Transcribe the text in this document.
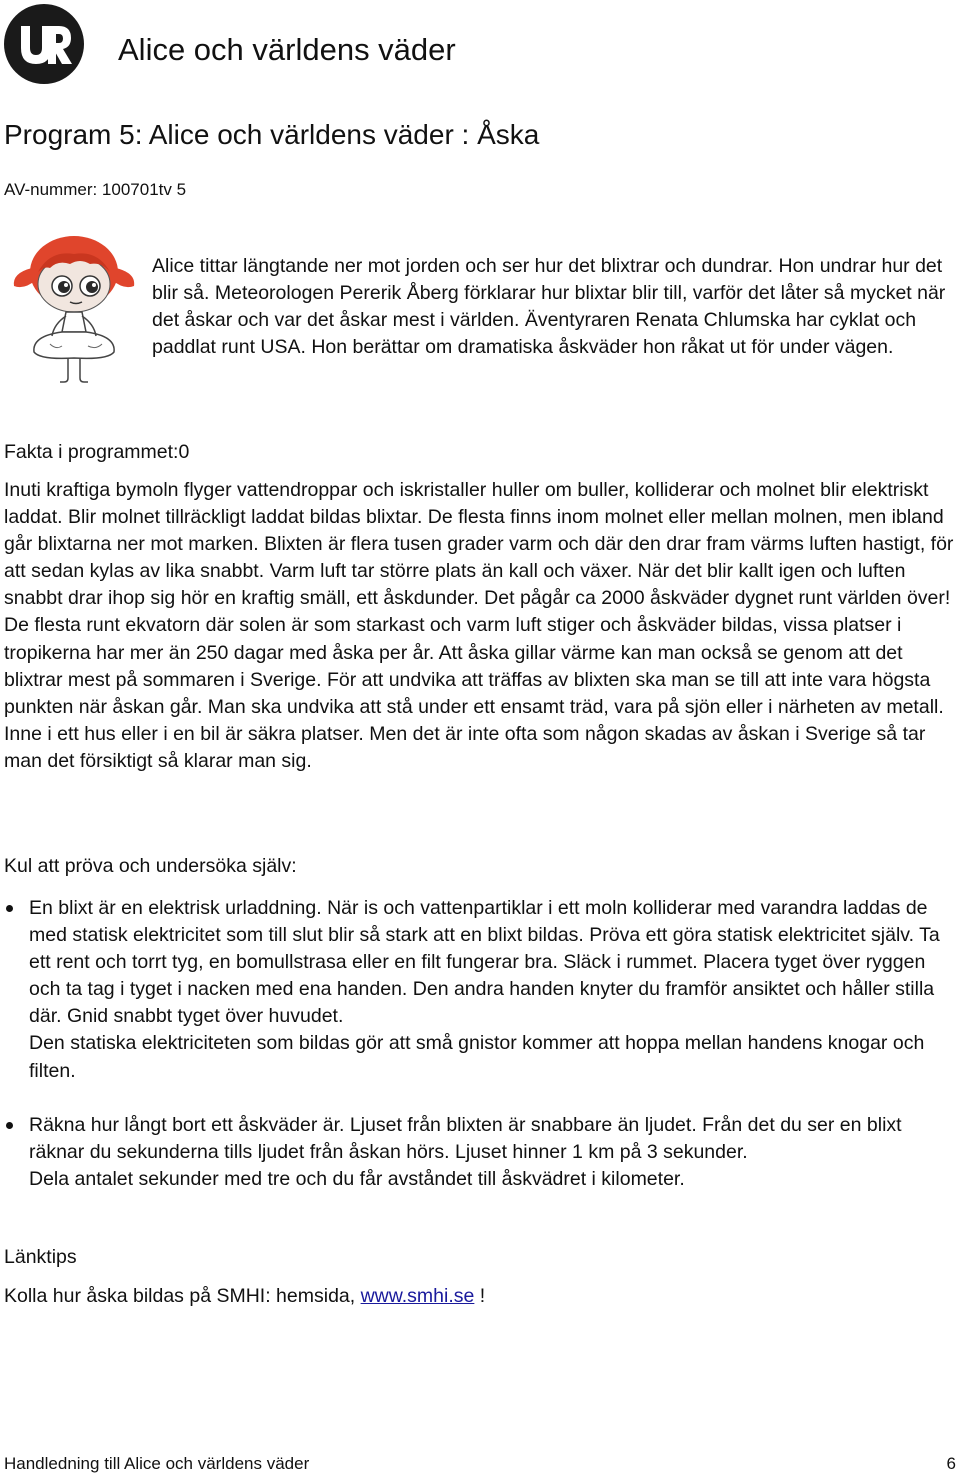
Alice och världens väder
Program 5: Alice och världens väder : Åska
AV-nummer: 100701tv 5

Alice tittar längtande ner mot jorden och ser hur det blixtrar och dundrar. Hon undrar hur det blir så. Meteorologen Pererik Åberg förklarar hur blixtar blir till, varför det låter så mycket när det åskar och var det åskar mest i världen. Äventyraren Renata Chlumska har cyklat och paddlat runt USA. Hon berättar om dramatiska åskväder hon råkat ut för under vägen.

Fakta i programmet:0

Inuti kraftiga bymoln flyger vattendroppar och iskristaller huller om buller, kolliderar och molnet blir elektriskt laddat. Blir molnet tillräckligt laddat bildas blixtar. De flesta finns inom molnet eller mellan molnen, men ibland går blixtarna ner mot marken. Blixten är flera tusen grader varm och där den drar fram värms luften hastigt, för att sedan kylas av lika snabbt. Varm luft tar större plats än kall och växer. När det blir kallt igen och luften snabbt drar ihop sig hör en kraftig smäll, ett åskdunder. Det pågår ca 2000 åskväder dygnet runt världen över! De flesta runt ekvatorn där solen är som starkast och varm luft stiger och åskväder bildas, vissa platser i tropikerna har mer än 250 dagar med åska per år. Att åska gillar värme kan man också se genom att det blixtrar mest på sommaren i Sverige. För att undvika att träffas av blixten ska man se till att inte vara högsta punkten när åskan går. Man ska undvika att stå under ett ensamt träd, vara på sjön eller i närheten av metall. Inne i ett hus eller i en bil är säkra platser. Men det är inte ofta som någon skadas av åskan i Sverige så tar man det försiktigt så klarar man sig.

Kul att pröva och undersöka själv:

En blixt är en elektrisk urladdning. När is och vattenpartiklar i ett moln kolliderar med varandra laddas de med statisk elektricitet som till slut blir så stark att en blixt bildas. Pröva ett göra statisk elektricitet själv. Ta ett rent och torrt tyg, en bomullstrasa eller en filt fungerar bra. Släck i rummet. Placera tyget över ryggen och ta tag i tyget i nacken med ena handen. Den andra handen knyter du framför ansiktet och håller stilla där. Gnid snabbt tyget över huvudet.

Den statiska elektriciteten som bildas gör att små gnistor kommer att hoppa mellan handens knogar och filten.

Räkna hur långt bort ett åskväder är. Ljuset från blixten är snabbare än ljudet. Från det du ser en blixt räknar du sekunderna tills ljudet från åskan hörs. Ljuset hinner 1 km på 3 sekunder.

Dela antalet sekunder med tre och du får avståndet till åskvädret i kilometer.

Länktips
Kolla hur åska bildas på SMHI: hemsida, www.smhi.se !
Handledning till Alice och världens väder	6
